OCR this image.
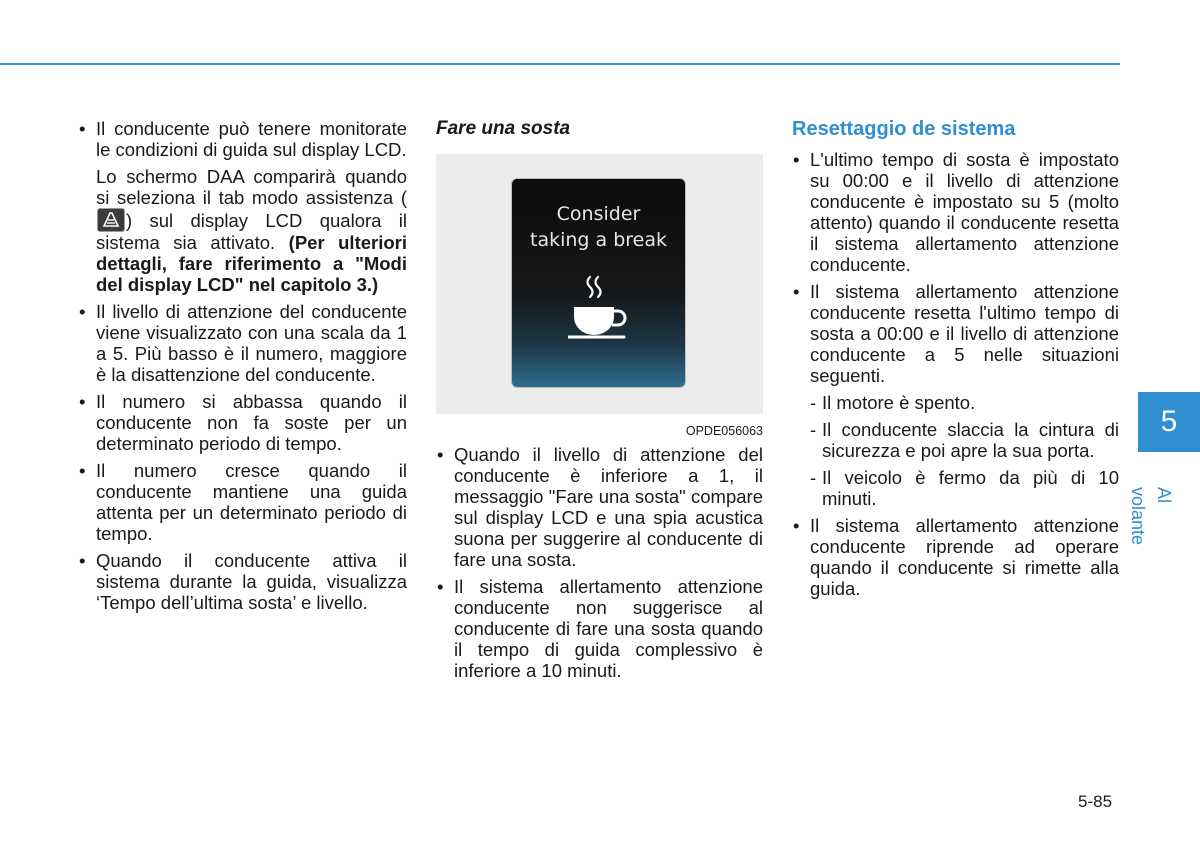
• Il conducente può tenere monitorate le condizioni di guida sul display LCD.
Lo schermo DAA comparirà quando si seleziona il tab modo assistenza (
) sul display LCD qualora il sistema sia attivato. (Per ulteriori dettagli, fare riferimento a "Modi del display LCD" nel capitolo 3.)
• Il livello di attenzione del conducente viene visualizzato con una scala da 1 a 5. Più basso è il numero, maggiore è la disattenzione del conducente.
• Il numero si abbassa quando il conducente non fa soste per un determinato periodo di tempo.
• Il numero cresce quando il conducente mantiene una guida attenta per un determinato periodo di tempo.
• Quando il conducente attiva il sistema durante la guida, visualizza ‘Tempo dell’ultima sosta’ e livello.
Fare una sosta
Consider
taking a break
OPDE056063
• Quando il livello di attenzione del conducente è inferiore a 1, il messaggio "Fare una sosta" compare sul display LCD e una spia acustica suona per suggerire al conducente di fare una sosta.
• Il sistema allertamento attenzione conducente non suggerisce al conducente di fare una sosta quando il tempo di guida complessivo è inferiore a 10 minuti.
Resettaggio de sistema
• L'ultimo tempo di sosta è impostato su 00:00 e il livello di attenzione conducente è impostato su 5 (molto attento) quando il conducente resetta il sistema allertamento attenzione conducente.
• Il sistema allertamento attenzione conducente resetta l'ultimo tempo di sosta a 00:00 e il livello di attenzione conducente a 5 nelle situazioni seguenti.
- Il motore è spento.
- Il conducente slaccia la cintura di sicurezza e poi apre la sua porta.
- Il veicolo è fermo da più di 10 minuti.
• Il sistema allertamento attenzione conducente riprende ad operare quando il conducente si rimette alla guida.
5
Al volante
5-85
